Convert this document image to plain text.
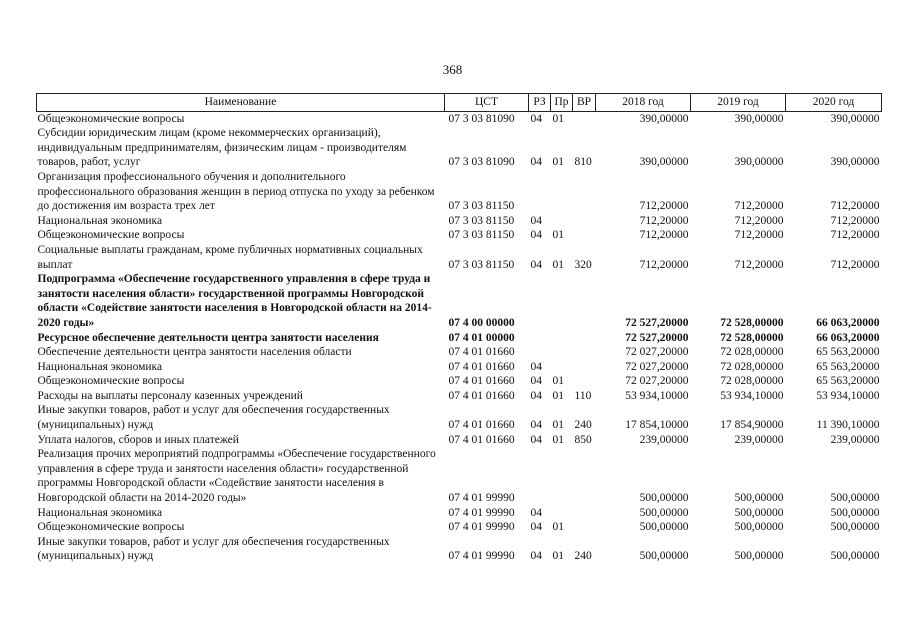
368
Наименование	ЦСТ	РЗ	Пр	ВР	2018 год	2019 год	2020 год
Общеэкономические вопросы	07 3 03 81090	04	01		390,00000	390,00000	390,00000
Субсидии юридическим лицам (кроме некоммерческих организаций), индивидуальным предпринимателям, физическим лицам - производителям товаров, работ, услуг	07 3 03 81090	04	01	810	390,00000	390,00000	390,00000
Организация профессионального обучения и дополнительного профессионального образования женщин в период отпуска по уходу за ребенком до достижения им возраста трех лет	07 3 03 81150				712,20000	712,20000	712,20000
Национальная экономика	07 3 03 81150	04			712,20000	712,20000	712,20000
Общеэкономические вопросы	07 3 03 81150	04	01		712,20000	712,20000	712,20000
Социальные выплаты гражданам, кроме публичных нормативных социальных выплат	07 3 03 81150	04	01	320	712,20000	712,20000	712,20000
Подпрограмма «Обеспечение государственного управления в сфере труда и занятости населения области» государственной программы Новгородской области «Содействие занятости населения в Новгородской области на 2014-2020 годы»	07 4 00 00000				72 527,20000	72 528,00000	66 063,20000
Ресурсное обеспечение деятельности центра занятости населения	07 4 01 00000				72 527,20000	72 528,00000	66 063,20000
Обеспечение деятельности центра занятости населения области	07 4 01 01660				72 027,20000	72 028,00000	65 563,20000
Национальная экономика	07 4 01 01660	04			72 027,20000	72 028,00000	65 563,20000
Общеэкономические вопросы	07 4 01 01660	04	01		72 027,20000	72 028,00000	65 563,20000
Расходы на выплаты персоналу казенных учреждений	07 4 01 01660	04	01	110	53 934,10000	53 934,10000	53 934,10000
Иные закупки товаров, работ и услуг для обеспечения государственных (муниципальных) нужд	07 4 01 01660	04	01	240	17 854,10000	17 854,90000	11 390,10000
Уплата налогов, сборов и иных платежей	07 4 01 01660	04	01	850	239,00000	239,00000	239,00000
Реализация прочих мероприятий подпрограммы «Обеспечение государственного управления в сфере труда и занятости населения области» государственной программы Новгородской области «Содействие занятости населения в Новгородской области на 2014-2020 годы»	07 4 01 99990				500,00000	500,00000	500,00000
Национальная экономика	07 4 01 99990	04			500,00000	500,00000	500,00000
Общеэкономические вопросы	07 4 01 99990	04	01		500,00000	500,00000	500,00000
Иные закупки товаров, работ и услуг для обеспечения государственных (муниципальных) нужд	07 4 01 99990	04	01	240	500,00000	500,00000	500,00000
